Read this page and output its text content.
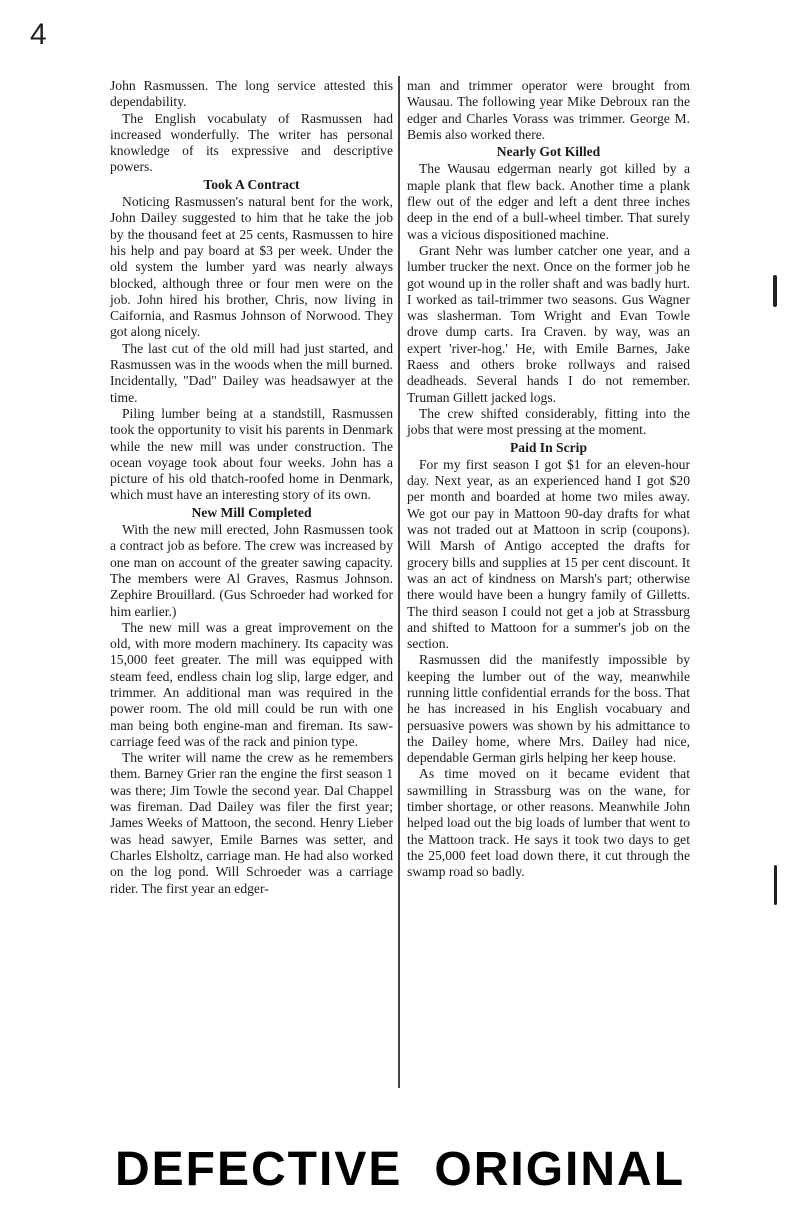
4

John Rasmussen. The long service attested this dependability.

The English vocabulaty of Rasmussen had increased wonderfully. The writer has personal knowledge of its expressive and descriptive powers.

Took A Contract

Noticing Rasmussen's natural bent for the work, John Dailey suggested to him that he take the job by the thousand feet at 25 cents, Rasmussen to hire his help and pay board at $3 per week. Under the old system the lumber yard was nearly always blocked, although three or four men were on the job. John hired his brother, Chris, now living in Caifornia, and Rasmus Johnson of Norwood. They got along nicely.

The last cut of the old mill had just started, and Rasmussen was in the woods when the mill burned. Incidentally, "Dad" Dailey was headsawyer at the time.

Piling lumber being at a standstill, Rasmussen took the opportunity to visit his parents in Denmark while the new mill was under construction. The ocean voyage took about four weeks. John has a picture of his old thatch-roofed home in Denmark, which must have an interesting story of its own.

New Mill Completed

With the new mill erected, John Rasmussen took a contract job as before. The crew was increased by one man on account of the greater sawing capacity. The members were Al Graves, Rasmus Johnson. Zephire Brouillard. (Gus Schroeder had worked for him earlier.)

The new mill was a great improvement on the old, with more modern machinery. Its capacity was 15,000 feet greater. The mill was equipped with steam feed, endless chain log slip, large edger, and trimmer. An additional man was required in the power room. The old mill could be run with one man being both engine-man and fireman. Its saw-carriage feed was of the rack and pinion type.

The writer will name the crew as he remembers them. Barney Grier ran the engine the first season 1 was there; Jim Towle the second year. Dal Chappel was fireman. Dad Dailey was filer the first year; James Weeks of Mattoon, the second. Henry Lieber was head sawyer, Emile Barnes was setter, and Charles Elsholtz, carriage man. He had also worked on the log pond. Will Schroeder was a carriage rider. The first year an edger-

man and trimmer operator were brought from Wausau. The following year Mike Debroux ran the edger and Charles Vorass was trimmer. George M. Bemis also worked there.

Nearly Got Killed

The Wausau edgerman nearly got killed by a maple plank that flew back. Another time a plank flew out of the edger and left a dent three inches deep in the end of a bull-wheel timber. That surely was a vicious dispositioned machine.

Grant Nehr was lumber catcher one year, and a lumber trucker the next. Once on the former job he got wound up in the roller shaft and was badly hurt. I worked as tail-trimmer two seasons. Gus Wagner was slasherman. Tom Wright and Evan Towle drove dump carts. Ira Craven. by way, was an expert 'river-hog.' He, with Emile Barnes, Jake Raess and others broke rollways and raised deadheads. Several hands I do not remember. Truman Gillett jacked logs.

The crew shifted considerably, fitting into the jobs that were most pressing at the moment.

Paid In Scrip

For my first season I got $1 for an eleven-hour day. Next year, as an experienced hand I got $20 per month and boarded at home two miles away. We got our pay in Mattoon 90-day drafts for what was not traded out at Mattoon in scrip (coupons). Will Marsh of Antigo accepted the drafts for grocery bills and supplies at 15 per cent discount. It was an act of kindness on Marsh's part; otherwise there would have been a hungry family of Gilletts. The third season I could not get a job at Strassburg and shifted to Mattoon for a summer's job on the section.

Rasmussen did the manifestly impossible by keeping the lumber out of the way, meanwhile running little confidential errands for the boss. That he has increased in his English vocabuary and persuasive powers was shown by his admittance to the Dailey home, where Mrs. Dailey had nice, dependable German girls helping her keep house.

As time moved on it became evident that sawmilling in Strassburg was on the wane, for timber shortage, or other reasons. Meanwhile John helped load out the big loads of lumber that went to the Mattoon track. He says it took two days to get the 25,000 feet load down there, it cut through the swamp road so badly.

DEFECTIVE ORIGINAL
